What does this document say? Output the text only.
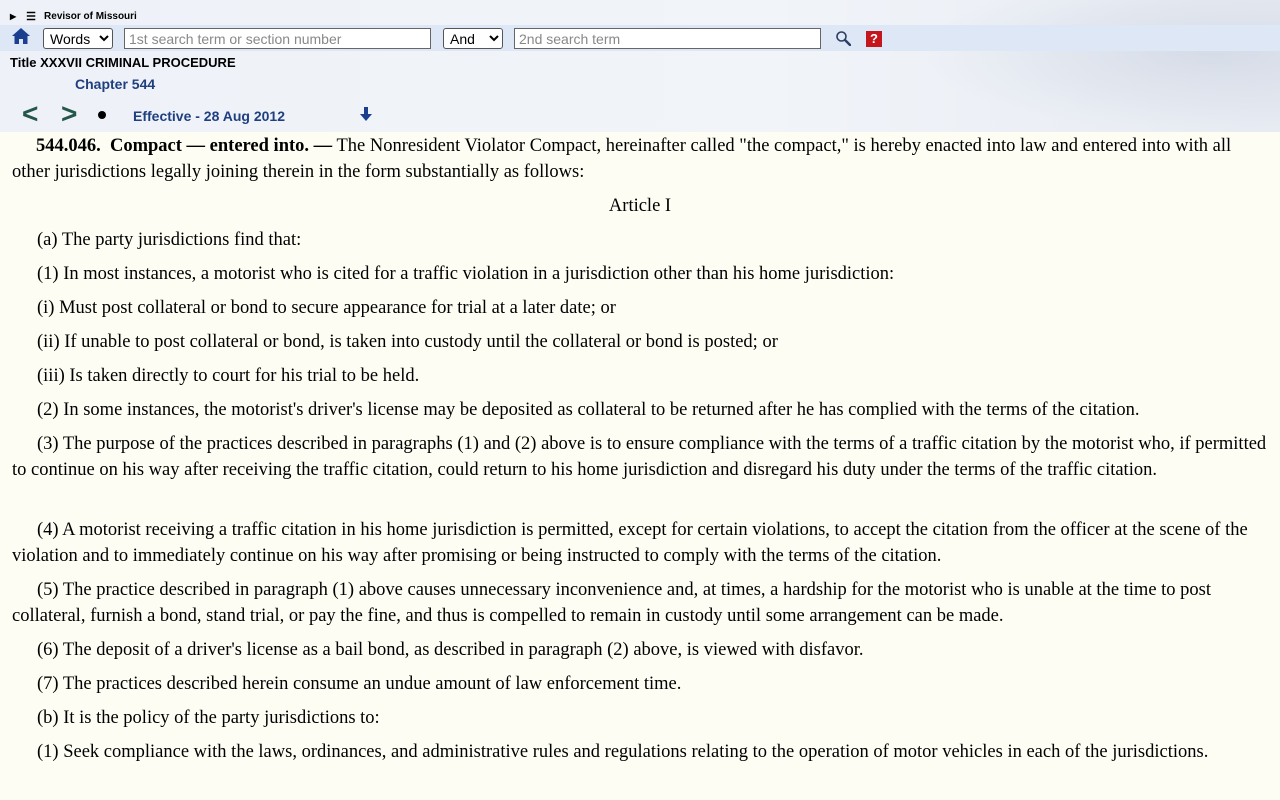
▶ ☰ Revisor of Missouri
Words
1st search term or section number
And
2nd search term
?
Title XXXVII CRIMINAL PROCEDURE
Chapter 544
< >	Effective - 28 Aug 2012

544.046. Compact — entered into. — The Nonresident Violator Compact, hereinafter called "the compact," is hereby enacted into law and entered into with all other jurisdictions legally joining therein in the form substantially as follows:

Article I

(a) The party jurisdictions find that:

(1) In most instances, a motorist who is cited for a traffic violation in a jurisdiction other than his home jurisdiction:

(i) Must post collateral or bond to secure appearance for trial at a later date; or

(ii) If unable to post collateral or bond, is taken into custody until the collateral or bond is posted; or

(iii) Is taken directly to court for his trial to be held.

(2) In some instances, the motorist's driver's license may be deposited as collateral to be returned after he has complied with the terms of the citation.

(3) The purpose of the practices described in paragraphs (1) and (2) above is to ensure compliance with the terms of a traffic citation by the motorist who, if permitted to continue on his way after receiving the traffic citation, could return to his home jurisdiction and disregard his duty under the terms of the traffic citation.

(4) A motorist receiving a traffic citation in his home jurisdiction is permitted, except for certain violations, to accept the citation from the officer at the scene of the violation and to immediately continue on his way after promising or being instructed to comply with the terms of the citation.

(5) The practice described in paragraph (1) above causes unnecessary inconvenience and, at times, a hardship for the motorist who is unable at the time to post collateral, furnish a bond, stand trial, or pay the fine, and thus is compelled to remain in custody until some arrangement can be made.

(6) The deposit of a driver's license as a bail bond, as described in paragraph (2) above, is viewed with disfavor.

(7) The practices described herein consume an undue amount of law enforcement time.

(b) It is the policy of the party jurisdictions to:

(1) Seek compliance with the laws, ordinances, and administrative rules and regulations relating to the operation of motor vehicles in each of the jurisdictions.
